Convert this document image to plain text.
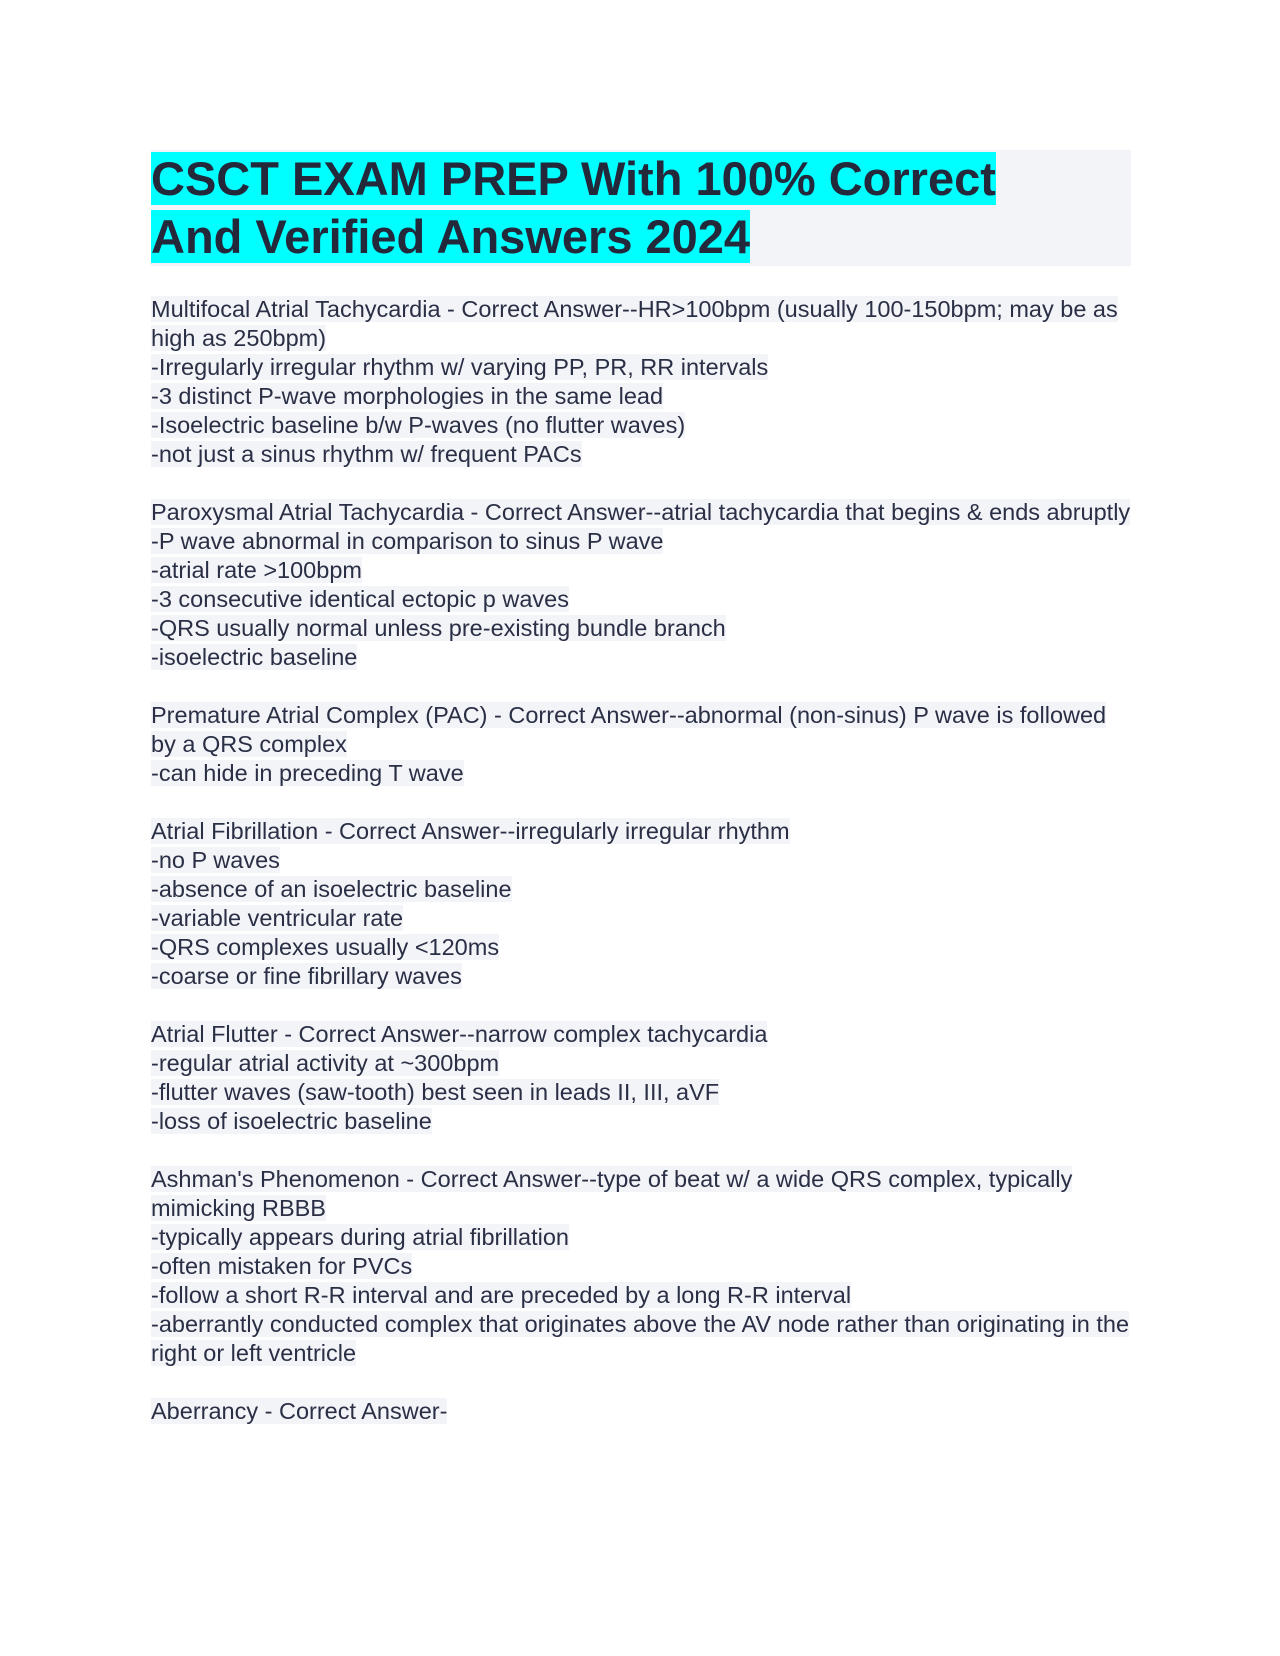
CSCT EXAM PREP With 100% Correct
And Verified Answers 2024

Multifocal Atrial Tachycardia - Correct Answer--HR>100bpm (usually 100-150bpm; may be as high as 250bpm)

-Irregularly irregular rhythm w/ varying PP, PR, RR intervals

-3 distinct P-wave morphologies in the same lead

-Isoelectric baseline b/w P-waves (no flutter waves)

-not just a sinus rhythm w/ frequent PACs

Paroxysmal Atrial Tachycardia - Correct Answer--atrial tachycardia that begins & ends abruptly

-P wave abnormal in comparison to sinus P wave

-atrial rate >100bpm

-3 consecutive identical ectopic p waves

-QRS usually normal unless pre-existing bundle branch

-isoelectric baseline

Premature Atrial Complex (PAC) - Correct Answer--abnormal (non-sinus) P wave is followed by a QRS complex

-can hide in preceding T wave

Atrial Fibrillation - Correct Answer--irregularly irregular rhythm

-no P waves

-absence of an isoelectric baseline

-variable ventricular rate

-QRS complexes usually <120ms

-coarse or fine fibrillary waves

Atrial Flutter - Correct Answer--narrow complex tachycardia

-regular atrial activity at ~300bpm

-flutter waves (saw-tooth) best seen in leads II, III, aVF

-loss of isoelectric baseline

Ashman's Phenomenon - Correct Answer--type of beat w/ a wide QRS complex, typically mimicking RBBB

-typically appears during atrial fibrillation

-often mistaken for PVCs

-follow a short R-R interval and are preceded by a long R-R interval

-aberrantly conducted complex that originates above the AV node rather than originating in the right or left ventricle

Aberrancy - Correct Answer-
